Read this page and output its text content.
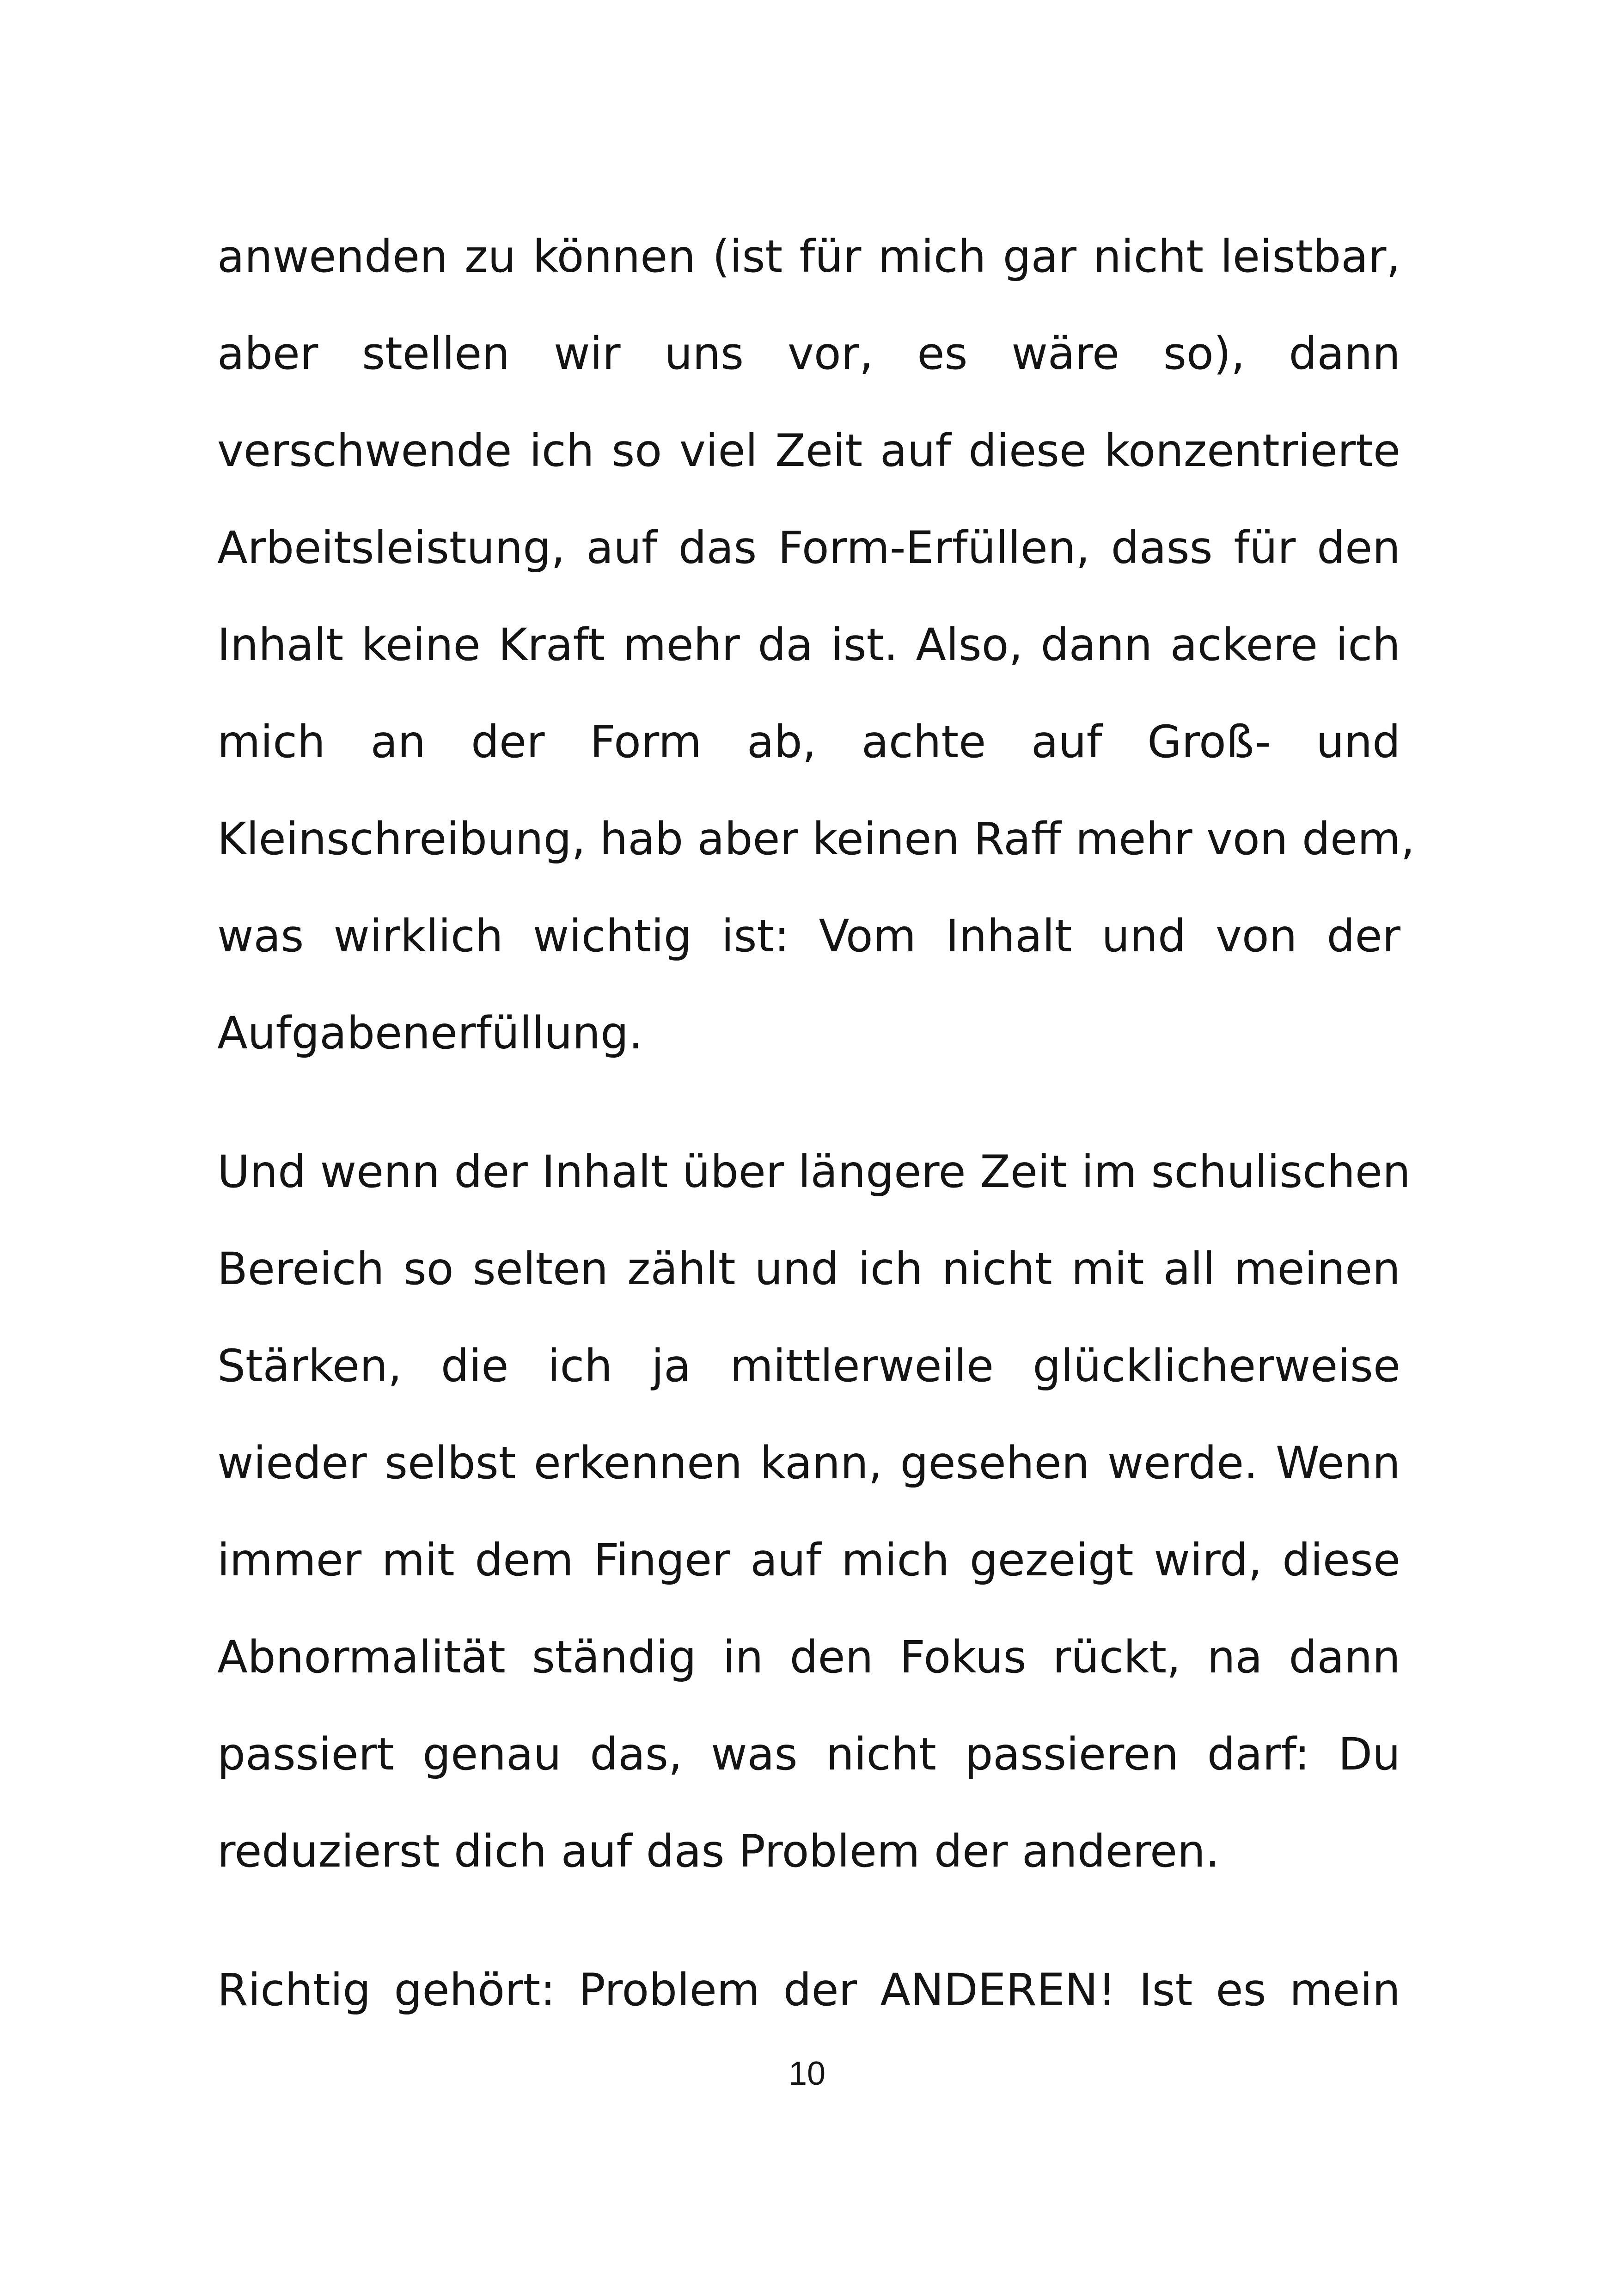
anwenden zu können (ist für mich gar nicht leistbar,
aber stellen wir uns vor, es wäre so), dann
verschwende ich so viel Zeit auf diese konzentrierte
Arbeitsleistung, auf das Form-Erfüllen, dass für den
Inhalt keine Kraft mehr da ist. Also, dann ackere ich
mich an der Form ab, achte auf Groß- und
Kleinschreibung, hab aber keinen Raff mehr von dem,
was wirklich wichtig ist: Vom Inhalt und von der
Aufgabenerfüllung.
Und wenn der Inhalt über längere Zeit im schulischen
Bereich so selten zählt und ich nicht mit all meinen
Stärken, die ich ja mittlerweile glücklicherweise
wieder selbst erkennen kann, gesehen werde. Wenn
immer mit dem Finger auf mich gezeigt wird, diese
Abnormalität ständig in den Fokus rückt, na dann
passiert genau das, was nicht passieren darf: Du
reduzierst dich auf das Problem der anderen.
Richtig gehört: Problem der ANDEREN! Ist es mein
10
